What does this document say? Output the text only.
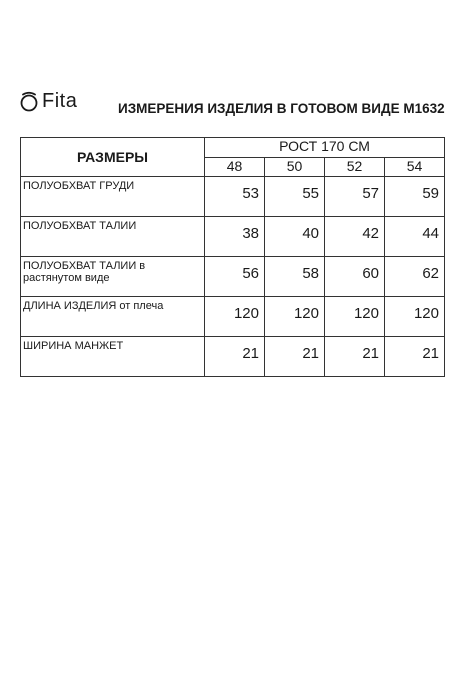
Fita	ИЗМЕРЕНИЯ ИЗДЕЛИЯ В ГОТОВОМ ВИДЕ М1632
РАЗМЕРЫ	РОСТ 170 СМ			
	48	50	52	54
ПОЛУОБХВАТ ГРУДИ	53	55	57	59
ПОЛУОБХВАТ ТАЛИИ	38	40	42	44
ПОЛУОБХВАТ ТАЛИИ в растянутом виде	56	58	60	62
ДЛИНА ИЗДЕЛИЯ от плеча	120	120	120	120
ШИРИНА МАНЖЕТ	21	21	21	21
